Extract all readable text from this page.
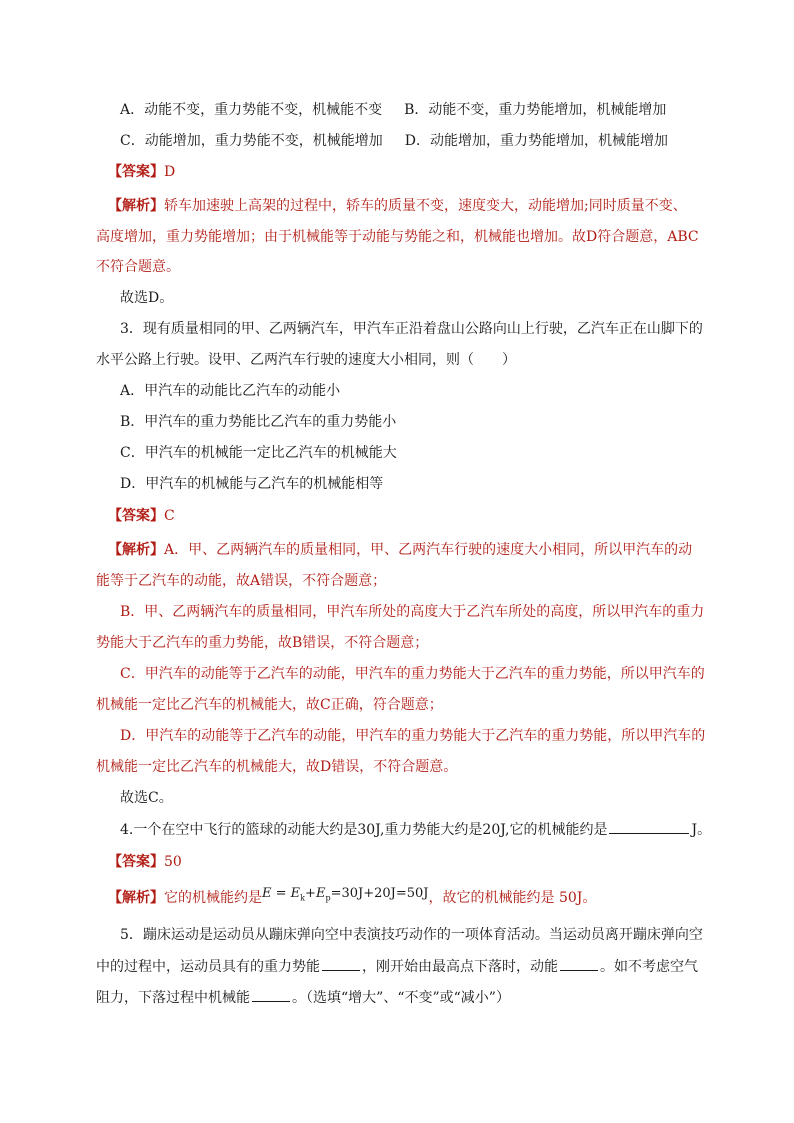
A．动能不变，重力势能不变，机械能不变 B．动能不变，重力势能增加，机械能增加
C．动能增加，重力势能不变，机械能增加 D．动能增加，重力势能增加，机械能增加
【答案】D
【解析】轿车加速驶上高架的过程中，轿车的质量不变，速度变大，动能增加;同时质量不变、
高度增加，重力势能增加；由于机械能等于动能与势能之和，机械能也增加。故D符合题意，ABC
不符合题意。
故选D。
3．现有质量相同的甲、乙两辆汽车，甲汽车正沿着盘山公路向山上行驶，乙汽车正在山脚下的
水平公路上行驶。设甲、乙两汽车行驶的速度大小相同，则（　　）
A．甲汽车的动能比乙汽车的动能小
B．甲汽车的重力势能比乙汽车的重力势能小
C．甲汽车的机械能一定比乙汽车的机械能大
D．甲汽车的机械能与乙汽车的机械能相等
【答案】C
【解析】A．甲、乙两辆汽车的质量相同，甲、乙两汽车行驶的速度大小相同，所以甲汽车的动
能等于乙汽车的动能，故A错误，不符合题意；
B．甲、乙两辆汽车的质量相同，甲汽车所处的高度大于乙汽车所处的高度，所以甲汽车的重力
势能大于乙汽车的重力势能，故B错误，不符合题意；
C．甲汽车的动能等于乙汽车的动能，甲汽车的重力势能大于乙汽车的重力势能，所以甲汽车的
机械能一定比乙汽车的机械能大，故C正确，符合题意；
D．甲汽车的动能等于乙汽车的动能，甲汽车的重力势能大于乙汽车的重力势能，所以甲汽车的
机械能一定比乙汽车的机械能大，故D错误，不符合题意。
故选C。
4.一个在空中飞行的篮球的动能大约是30J,重力势能大约是20J,它的机械能约是	J。
【答案】50
【解析】它的机械能约是$E = E_k+E_p=30J+20J=50J$，故它的机械能约是 50J。
5．蹦床运动是运动员从蹦床弹向空中表演技巧动作的一项体育活动。当运动员离开蹦床弹向空
中的过程中，运动员具有的重力势能	，刚开始由最高点下落时，动能	。如不考虑空气
阻力，下落过程中机械能	。（选填“增大”、“不变”或“减小”）
